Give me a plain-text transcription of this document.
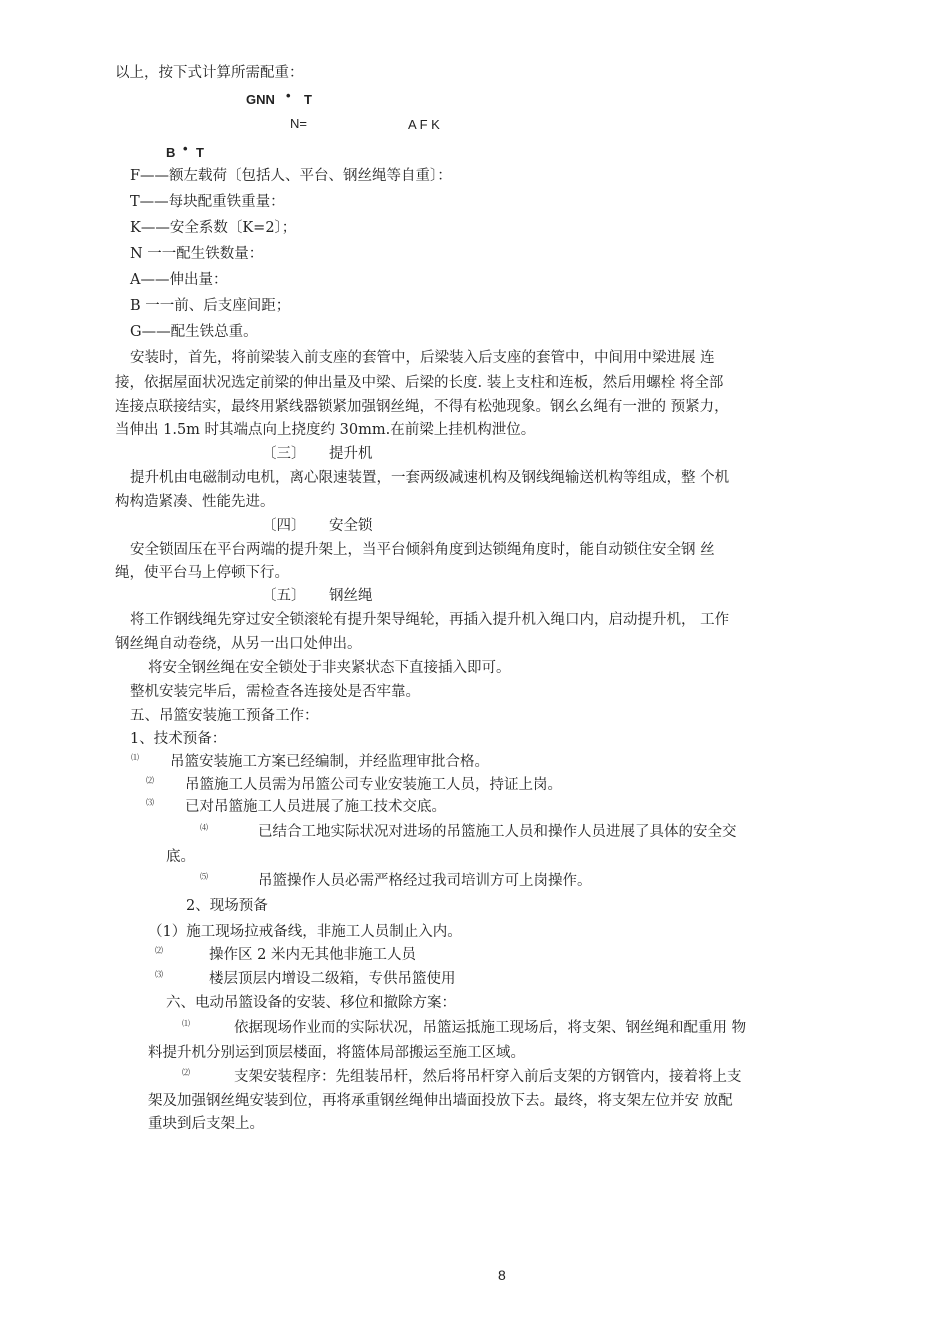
以上，按下式计算所需配重：
GNN • T
N=	A F K
B • T
F——额左载荷〔包括人、平台、钢丝绳等自重〕：
T——每块配重铁重量：
K——安全系数〔K=2〕；
N 一一配生铁数量：
A——伸出量：
B 一一前、后支座间距；
G——配生铁总重。
安装时，首先，将前梁装入前支座的套管中，后梁装入后支座的套管中，中间用中梁进展 连
接，依据屋面状况选定前梁的伸出量及中梁、后梁的长度. 装上支柱和连板，然后用螺栓 将全部
连接点联接结实，最终用紧线器锁紧加强钢丝绳，不得有松弛现象。钢幺幺绳有一泄的 预紧力，
当伸出 1.5m 时其端点向上挠度约 30mm.在前梁上挂机构泄位。
〔三〕 提升机
提升机由电磁制动电机，离心限速装置，一套两级减速机构及钢线绳输送机构等组成，整 个机
构构造紧凑、性能先进。
〔四〕 安全锁
安全锁固压在平台两端的提升架上，当平台倾斜角度到达锁绳角度时，能自动锁住安全钢 丝
绳，使平台马上停顿下行。
〔五〕 钢丝绳
将工作钢线绳先穿过安全锁滚轮有提升架导绳轮，再插入提升机入绳口内，启动提升机， 工作
钢丝绳自动卷绕，从另一出口处伸出。
将安全钢丝绳在安全锁处于非夹紧状态下直接插入即可。
整机安装完毕后，需检查各连接处是否牢靠。
五、吊篮安装施工预备工作：
1、技术预备：
⑴ 吊篮安装施工方案已经编制，并经监理审批合格。
⑵ 吊篮施工人员需为吊篮公司专业安装施工人员，持证上岗。
⑶ 已对吊篮施工人员进展了施工技术交底。
⑷	已结合工地实际状况对进场的吊篮施工人员和操作人员进展了具体的安全交
底。
⑸	吊篮操作人员必需严格经过我司培训方可上岗操作。
2、现场预备
（1）施工现场拉戒备线，非施工人员制止入内。
⑵	操作区 2 米内无其他非施工人员
⑶	楼层顶层内增设二级箱，专供吊篮使用
六、电动吊篮设备的安装、移位和撤除方案：
⑴	依据现场作业而的实际状况，吊篮运抵施工现场后，将支架、钢丝绳和配重用 物
料提升机分别运到顶层楼面，将篮体局部搬运至施工区域。
⑵	支架安装程序：先组装吊杆，然后将吊杆穿入前后支架的方钢管内，接着将上支
架及加强钢丝绳安装到位，再将承重钢丝绳伸出墙面投放下去。最终，将支架左位并安 放配
重块到后支架上。
8
